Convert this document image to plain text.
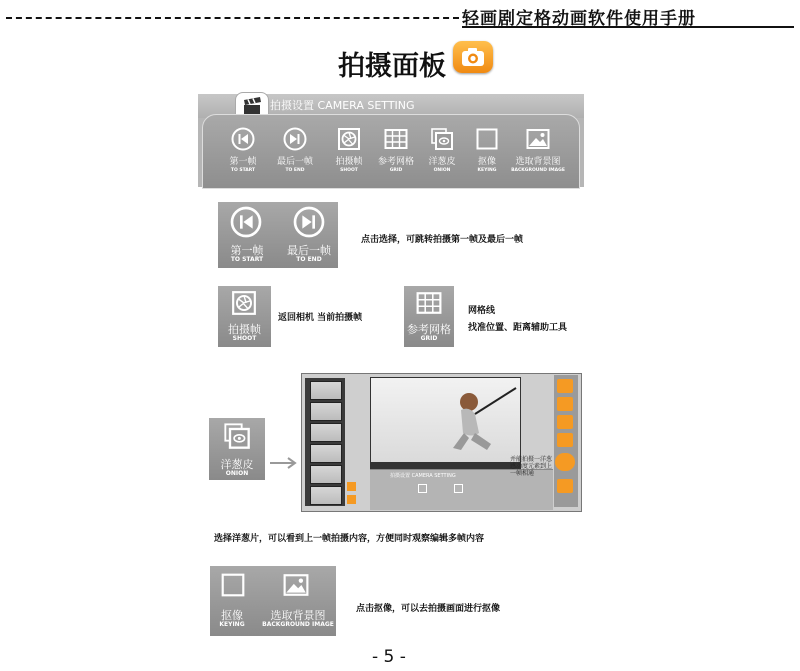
轻画剧定格动画软件使用手册
拍摄面板
拍摄设置 CAMERA SETTING
第一帧
TO START
最后一帧
TO END
拍摄帧
SHOOT
参考网格
GRID
洋葱皮
ONION
抠像
KEYING
选取背景图
BACKGROUND IMAGE
第一帧
TO START
最后一帧
TO END
点击选择，可跳转拍摄第一帧及最后一帧
拍摄帧
SHOOT
返回相机 当前拍摄帧
参考网格
GRID
网格线
找准位置、距离辅助工具
洋葱皮
ONION	拍摄设置 CAMERA SETTING
并能拍摄一洋葱感动度元素到上一帧相通
选择洋葱片，可以看到上一帧拍摄内容，方便同时观察编辑多帧内容
抠像
KEYING
选取背景图
BACKGROUND IMAGE
点击抠像，可以去拍摄画面进行抠像
- 5 -
